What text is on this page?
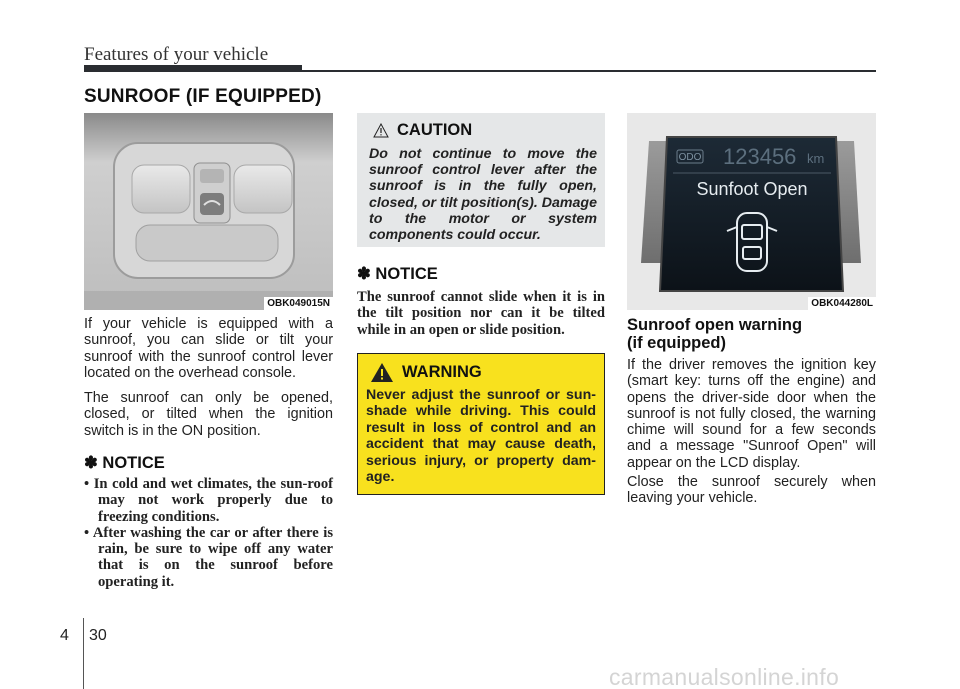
Features of your vehicle
SUNROOF (IF EQUIPPED)
OBK049015N

If your vehicle is equipped with a sunroof, you can slide or tilt your sunroof with the sunroof control lever located on the overhead console.

The sunroof can only be opened, closed, or tilted when the ignition switch is in the ON position.

✽ NOTICE
• In cold and wet climates, the sun-roof may not work properly due to freezing conditions.
• After washing the car or after there is rain, be sure to wipe off any water that is on the sunroof before operating it.
CAUTION

Do not continue to move the sunroof control lever after the sunroof is in the fully open, closed, or tilt position(s). Damage to the motor or system components could occur.

✽ NOTICE

The sunroof cannot slide when it is in the tilt position nor can it be tilted while in an open or slide position.

WARNING

Never adjust the sunroof or sun-shade while driving. This could result in loss of control and an accident that may cause death, serious injury, or property dam-age.

ODO 123456 km
Sunfoot Open
OBK044280L
Sunroof open warning
(if equipped)

If the driver removes the ignition key (smart key: turns off the engine) and opens the driver-side door when the sunroof is not fully closed, the warning chime will sound for a few seconds and a message "Sunroof Open" will appear on the LCD display.

Close the sunroof securely when leaving your vehicle.

4 30
carmanualsonline.info
